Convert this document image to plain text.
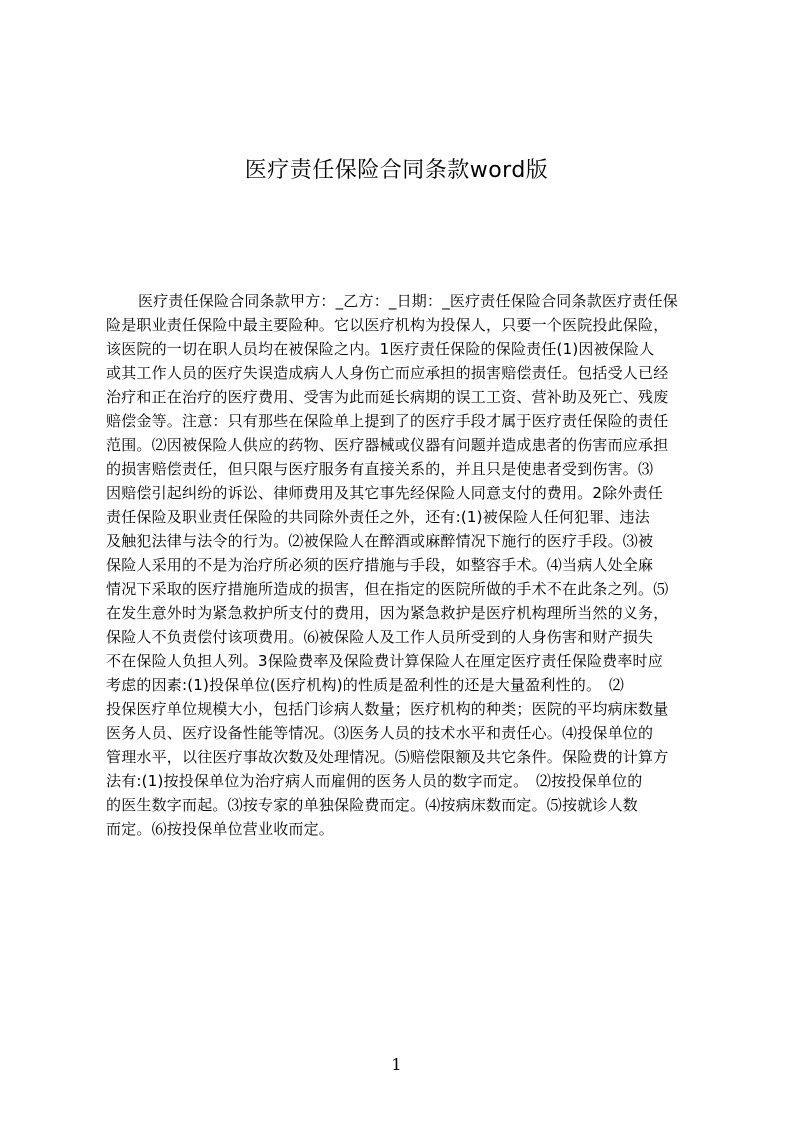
医疗责任保险合同条款word版
医疗责任保险合同条款甲方：_乙方：_日期：_医疗责任保险合同条款医疗责任保
险是职业责任保险中最主要险种。它以医疗机构为投保人，只要一个医院投此保险，
该医院的一切在职人员均在被保险之内。1医疗责任保险的保险责任(1)因被保险人
或其工作人员的医疗失误造成病人人身伤亡而应承担的损害赔偿责任。包括受人已经
治疗和正在治疗的医疗费用、受害为此而延长病期的误工工资、营补助及死亡、残废
赔偿金等。注意：只有那些在保险单上提到了的医疗手段才属于医疗责任保险的责任
范围。⑵因被保险人供应的药物、医疗器械或仪器有问题并造成患者的伤害而应承担
的损害赔偿责任，但只限与医疗服务有直接关系的，并且只是使患者受到伤害。⑶
因赔偿引起纠纷的诉讼、律师费用及其它事先经保险人同意支付的费用。2除外责任
责任保险及职业责任保险的共同除外责任之外，还有:(1)被保险人任何犯罪、违法
及触犯法律与法令的行为。⑵被保险人在醉酒或麻醉情况下施行的医疗手段。⑶被
保险人采用的不是为治疗所必须的医疗措施与手段，如整容手术。⑷当病人处全麻
情况下采取的医疗措施所造成的损害，但在指定的医院所做的手术不在此条之列。⑸
在发生意外时为紧急救护所支付的费用，因为紧急救护是医疗机构理所当然的义务，
保险人不负责偿付该项费用。⑹被保险人及工作人员所受到的人身伤害和财产损失
不在保险人负担人列。3保险费率及保险费计算保险人在厘定医疗责任保险费率时应
考虑的因素:(1)投保单位(医疗机构)的性质是盈利性的还是大量盈利性的。　⑵
投保医疗单位规模大小，包括门诊病人数量；医疗机构的种类；医院的平均病床数量
医务人员、医疗设备性能等情况。⑶医务人员的技术水平和责任心。⑷投保单位的
管理水平，以往医疗事故次数及处理情况。⑸赔偿限额及共它条件。保险费的计算方
法有:(1)按投保单位为治疗病人而雇佣的医务人员的数字而定。　⑵按投保单位的
的医生数字而起。⑶按专家的单独保险费而定。⑷按病床数而定。⑸按就诊人数
而定。⑹按投保单位营业收而定。
1
